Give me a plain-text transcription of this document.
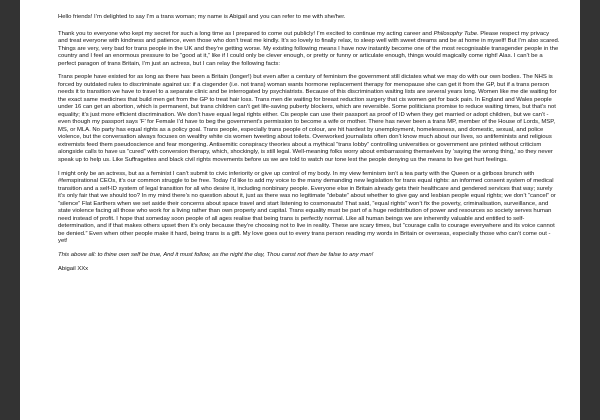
Hello friends! I’m delighted to say I’m a trans woman; my name is Abigail and you can refer to me with she/her.

Thank you to everyone who kept my secret for such a long time as I prepared to come out publicly! I’m excited to continue my acting career and Philosophy Tube. Please respect my privacy and treat everyone with kindness and patience, even those who don’t treat me kindly. It’s so lovely to finally relax, to sleep well with sweet dreams and be at home in myself! But I’m also scared. Things are very, very bad for trans people in the UK and they’re getting worse. My existing following means I have now instantly become one of the most recognisable transgender people in the country and I feel an enormous pressure to be “good at it,” like if I could only be clever enough, or pretty or funny or articulate enough, things would magically come right! Alas. I can’t be a perfect paragon of trans Britain, I’m just an actress, but I can relay the following facts:

Trans people have existed for as long as there has been a Britain (longer!) but even after a century of feminism the government still dictates what we may do with our own bodies. The NHS is forced by outdated rules to discriminate against us: if a cisgender (i.e. not trans) woman wants hormone replacement therapy for menopause she can get it from the GP, but if a trans person needs it to transition we have to travel to a separate clinic and be interrogated by psychiatrists. Because of this discrimination waiting lists are several years long. Women like me die waiting for the exact same medicines that build men get from the GP to treat hair loss. Trans men die waiting for breast reduction surgery that cis women get for back pain. In England and Wales people under 16 can get an abortion, which is permanent, but trans children can’t get life-saving puberty blockers, which are reversible. Some politicians promise to reduce waiting times, but that’s not equality; it’s just more efficient discrimination. We don’t have equal legal rights either. Cis people can use their passport as proof of ID when they get married or adopt children, but we can’t - even though my passport says ‘F’ for Female I’d have to beg the government’s permission to become a wife or mother. There has never been a trans MP, member of the House of Lords, MSP, MS, or MLA. No party has equal rights as a policy goal. Trans people, especially trans people of colour, are hit hardest by unemployment, homelessness, and domestic, sexual, and police violence, but the conversation always focuses on wealthy white cis women tweeting about toilets. Overworked journalists often don’t know much about our lives, so antifeminists and religious extremists feed them pseudoscience and fear mongering. Antisemitic conspiracy theories about a mythical “trans lobby” controlling universities or government are printed without criticism alongside calls to have us “cured” with conversion therapy, which, shockingly, is still legal. Well-meaning folks worry about embarrassing themselves by ‘saying the wrong thing,’ so they never speak up to help us. Like Suffragettes and black civil rights movements before us we are told to watch our tone lest the people denying us the means to live get hurt feelings.

I might only be an actress, but as a feminist I can’t submit to civic inferiority or give up control of my body. In my view feminism isn’t a tea party with the Queen or a girlboss brunch with #femspirational CEOs, it’s our common struggle to be free. Today I’d like to add my voice to the many demanding new legislation for trans equal rights: an informed consent system of medical transition and a self-ID system of legal transition for all who desire it, including nonbinary people. Everyone else in Britain already gets their healthcare and gendered services that way; surely it’s only fair that we should too? In my mind there’s no question about it, just as there was no legitimate “debate” about whether to give gay and lesbian people equal rights; we don’t “cancel” or “silence” Flat Earthers when we set aside their concerns about space travel and start listening to cosmonauts! That said, “equal rights” won’t fix the poverty, criminalisation, surveillance, and state violence facing all those who work for a living rather than own property and capital. Trans equality must be part of a huge redistribution of power and resources so society serves human need instead of profit. I hope that someday soon people of all ages realise that being trans is perfectly normal. Like all human beings we are inherently valuable and entitled to self-determination, and if that makes others upset then it’s only because they’re choosing not to live in reality. These are scary times, but “courage calls to courage everywhere and its voice cannot be denied.” Even when other people make it hard, being trans is a gift. My love goes out to every trans person reading my words in Britain or overseas, especially those who can’t come out - yet!

This above all: to thine own self be true, And it must follow, as the night the day, Thou canst not then be false to any man!

Abigail XXx
